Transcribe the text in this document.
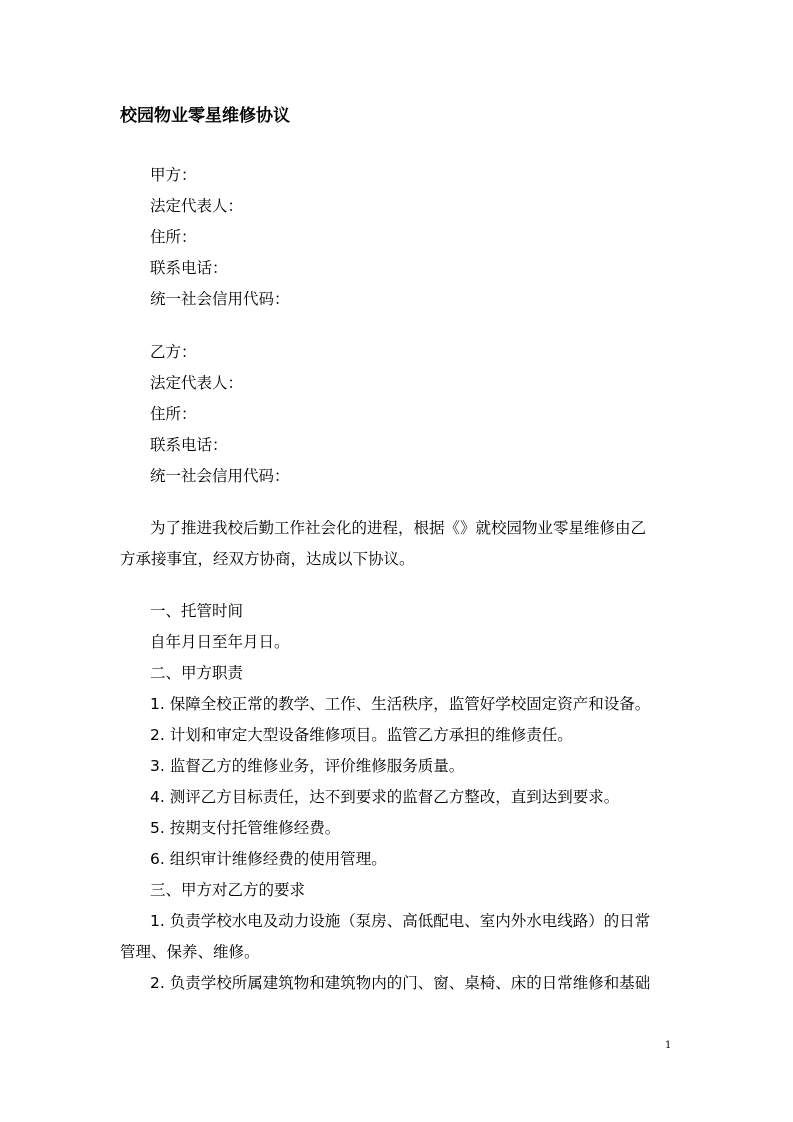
校园物业零星维修协议

甲方：

法定代表人：

住所：

联系电话：

统一社会信用代码：

乙方：

法定代表人：

住所：

联系电话：

统一社会信用代码：

为了推进我校后勤工作社会化的进程，根据《》就校园物业零星维修由乙

方承接事宜，经双方协商，达成以下协议。

一、托管时间

自年月日至年月日。

二、甲方职责

1. 保障全校正常的教学、工作、生活秩序，监管好学校固定资产和设备。

2. 计划和审定大型设备维修项目。监管乙方承担的维修责任。

3. 监督乙方的维修业务，评价维修服务质量。

4. 测评乙方目标责任，达不到要求的监督乙方整改，直到达到要求。

5. 按期支付托管维修经费。

6. 组织审计维修经费的使用管理。

三、甲方对乙方的要求

1. 负责学校水电及动力设施（泵房、高低配电、室内外水电线路）的日常

管理、保养、维修。

2. 负责学校所属建筑物和建筑物内的门、窗、桌椅、床的日常维修和基础

1
